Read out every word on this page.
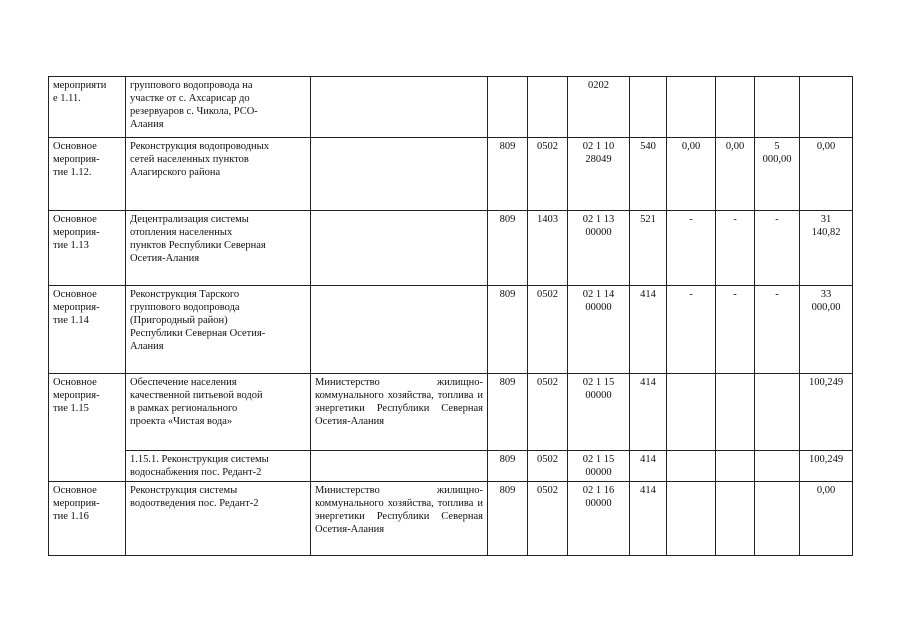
мероприяти
е 1.11.	группового водопровода на
участке от с. Ахсарисар до
резервуаров с. Чикола, РСО-
Алания				0202					
Основное
мероприя-
тие 1.12.	Реконструкция водопроводных
сетей населенных пунктов
Алагирского района		809	0502	02 1 10
28049	540	0,00	0,00	5
000,00	0,00
Основное
мероприя-
тие 1.13	Децентрализация системы
отопления населенных
пунктов Республики Северная
Осетия-Алания		809	1403	02 1 13
00000	521	-	-	-	31
140,82
Основное
мероприя-
тие 1.14	Реконструкция Тарского
группового водопровода
(Пригородный район)
Республики Северная Осетия-
Алания		809	0502	02 1 14
00000	414	-	-	-	33
000,00
Основное
мероприя-
тие 1.15	Обеспечение населения
качественной питьевой водой
в рамках регионального
проекта «Чистая вода»	Министерство жилищно-коммунального хозяйства, топлива и энергетики Республики Северная Осетия-Алания	809	0502	02 1 15
00000	414				100,249
	1.15.1. Реконструкция системы
водоснабжения пос. Редант-2		809	0502	02 1 15
00000	414				100,249
Основное
мероприя-
тие 1.16	Реконструкция системы
водоотведения пос. Редант-2	Министерство жилищно-коммунального хозяйства, топлива и энергетики Республики Северная Осетия-Алания	809	0502	02 1 16
00000	414				0,00
